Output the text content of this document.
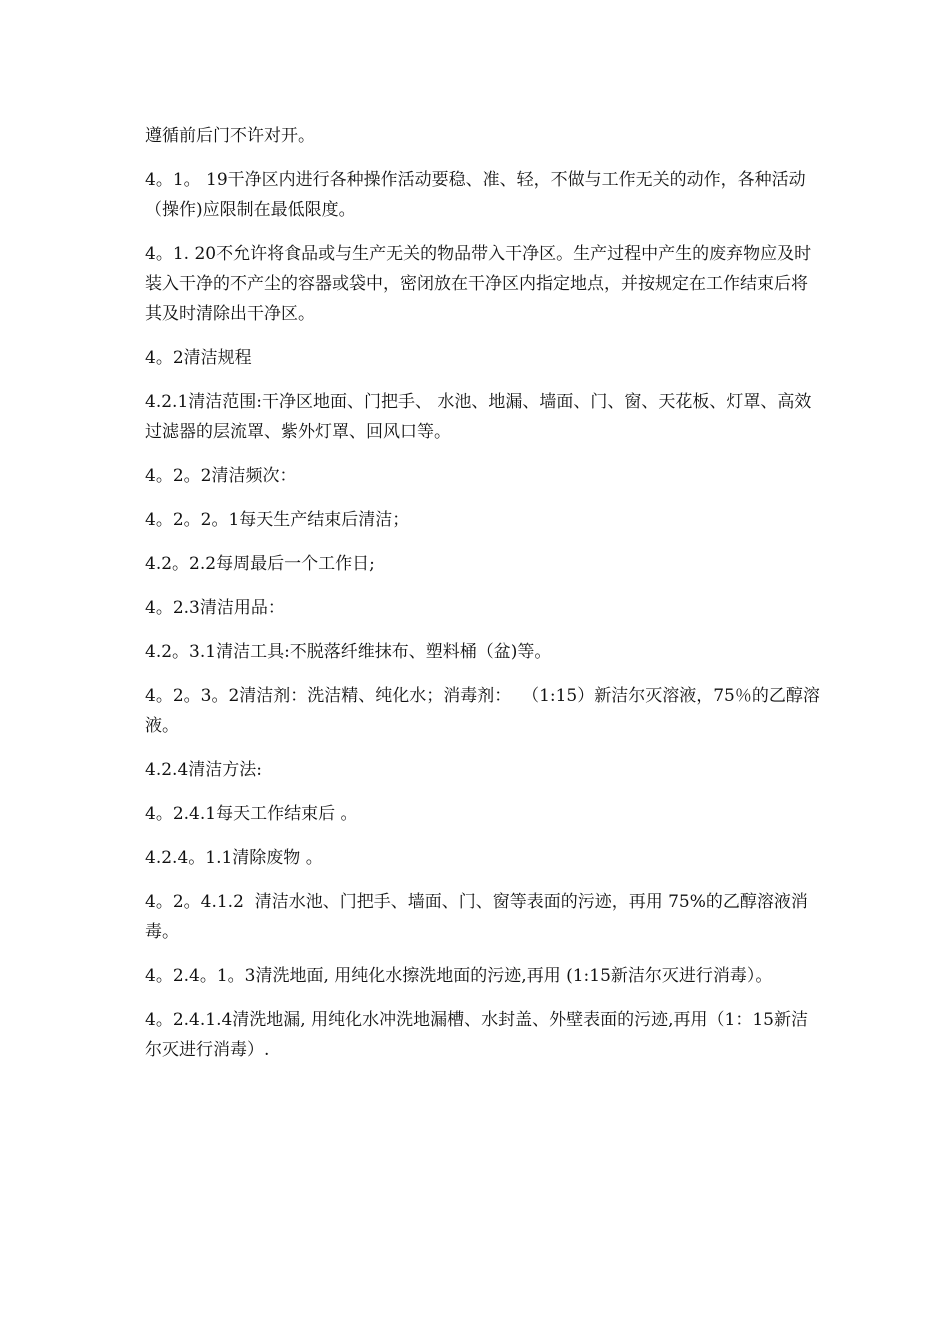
遵循前后门不许对开。

4。1。 19干净区内进行各种操作活动要稳、准、轻，不做与工作无关的动作，各种活动（操作)应限制在最低限度。

4。1. 20不允许将食品或与生产无关的物品带入干净区。生产过程中产生的废弃物应及时装入干净的不产尘的容器或袋中，密闭放在干净区内指定地点，并按规定在工作结束后将其及时清除出干净区。

4。2清洁规程

4.2.1清洁范围:干净区地面、门把手、 水池、地漏、墙面、门、窗、天花板、灯罩、高效过滤器的层流罩、紫外灯罩、回风口等。

4。2。2清洁频次：

4。2。2。1每天生产结束后清洁；

4.2。2.2每周最后一个工作日;

4。2.3清洁用品：

4.2。3.1清洁工具:不脱落纤维抹布、塑料桶（盆)等。

4。2。3。2清洁剂：洗洁精、纯化水；消毒剂：  （1:15）新洁尔灭溶液，75％的乙醇溶液。

4.2.4清洁方法:

4。2.4.1每天工作结束后 。

4.2.4。1.1清除废物 。

4。2。4.1.2  清洁水池、门把手、墙面、门、窗等表面的污迹，再用 75%的乙醇溶液消毒。

4。2.4。1。3清洗地面, 用纯化水擦洗地面的污迹,再用 (1:15新洁尔灭进行消毒）。

4。2.4.1.4清洗地漏, 用纯化水冲洗地漏槽、水封盖、外壁表面的污迹,再用（1：15新洁尔灭进行消毒）.
